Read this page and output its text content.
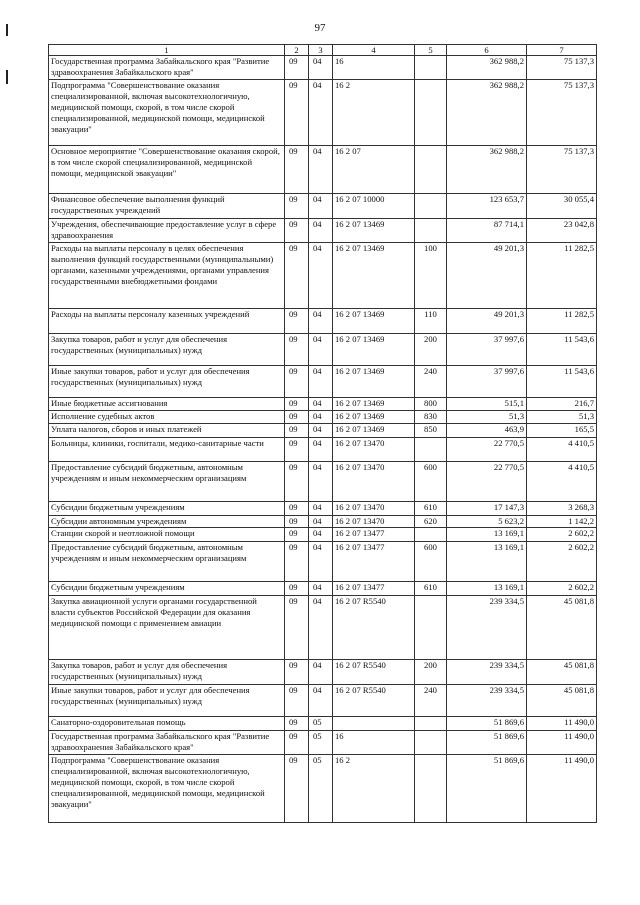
97
1	2	3	4	5	6	7
Государственная программа Забайкальского края "Развитие здравоохранения Забайкальского края"	09	04	16		362 988,2	75 137,3
Подпрограмма "Совершенствование оказания специализированной, включая высокотехнологичную, медицинской помощи, скорой, в том числе скорой специализированной, медицинской помощи, медицинской эвакуации"	09	04	16 2		362 988,2	75 137,3
Основное мероприятие "Совершенствование оказания скорой, в том числе скорой специализированной, медицинской помощи, медицинской эвакуации"	09	04	16 2 07		362 988,2	75 137,3
Финансовое обеспечение выполнения функций государственных учреждений	09	04	16 2 07 10000		123 653,7	30 055,4
Учреждения, обеспечивающие предоставление услуг в сфере здравоохранения	09	04	16 2 07 13469		87 714,1	23 042,8
Расходы на выплаты персоналу в целях обеспечения выполнения функций государственными (муниципальными) органами, казенными учреждениями, органами управления государственными внебюджетными фондами	09	04	16 2 07 13469	100	49 201,3	11 282,5
Расходы на выплаты персоналу казенных учреждений	09	04	16 2 07 13469	110	49 201,3	11 282,5
Закупка товаров, работ и услуг для обеспечения государственных (муниципальных) нужд	09	04	16 2 07 13469	200	37 997,6	11 543,6
Иные закупки товаров, работ и услуг для обеспечения государственных (муниципальных) нужд	09	04	16 2 07 13469	240	37 997,6	11 543,6
Иные бюджетные ассигнования	09	04	16 2 07 13469	800	515,1	216,7
Исполнение судебных актов	09	04	16 2 07 13469	830	51,3	51,3
Уплата налогов, сборов и иных платежей	09	04	16 2 07 13469	850	463,9	165,5
Больницы, клиники, госпитали, медико-санитарные части	09	04	16 2 07 13470		22 770,5	4 410,5
Предоставление субсидий бюджетным, автономным учреждениям и иным некоммерческим организациям	09	04	16 2 07 13470	600	22 770,5	4 410,5
Субсидии бюджетным учреждениям	09	04	16 2 07 13470	610	17 147,3	3 268,3
Субсидии автономным учреждениям	09	04	16 2 07 13470	620	5 623,2	1 142,2
Станции скорой и неотложной помощи	09	04	16 2 07 13477		13 169,1	2 602,2
Предоставление субсидий бюджетным, автономным учреждениям и иным некоммерческим организациям	09	04	16 2 07 13477	600	13 169,1	2 602,2
Субсидии бюджетным учреждениям	09	04	16 2 07 13477	610	13 169,1	2 602,2
Закупка авиационной услуги органами государственной власти субъектов Российской Федерации для оказания медицинской помощи с применением авиации	09	04	16 2 07 R5540		239 334,5	45 081,8
Закупка товаров, работ и услуг для обеспечения государственных (муниципальных) нужд	09	04	16 2 07 R5540	200	239 334,5	45 081,8
Иные закупки товаров, работ и услуг для обеспечения государственных (муниципальных) нужд	09	04	16 2 07 R5540	240	239 334,5	45 081,8
Санаторно-оздоровительная помощь	09	05			51 869,6	11 490,0
Государственная программа Забайкальского края "Развитие здравоохранения Забайкальского края"	09	05	16		51 869,6	11 490,0
Подпрограмма "Совершенствование оказания специализированной, включая высокотехнологичную, медицинской помощи, скорой, в том числе скорой специализированной, медицинской помощи, медицинской эвакуации"	09	05	16 2		51 869,6	11 490,0
